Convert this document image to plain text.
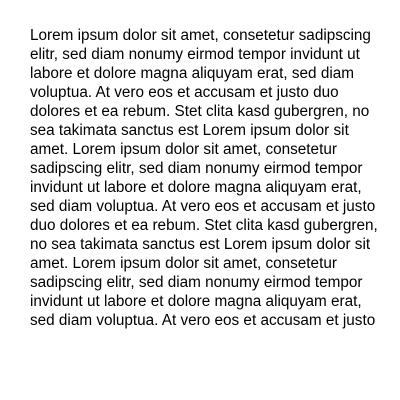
Lorem ipsum dolor sit amet, consetetur sadipscing
elitr, sed diam nonumy eirmod tempor invidunt ut
labore et dolore magna aliquyam erat, sed diam
voluptua. At vero eos et accusam et justo duo
dolores et ea rebum. Stet clita kasd gubergren, no
sea takimata sanctus est Lorem ipsum dolor sit
amet. Lorem ipsum dolor sit amet, consetetur
sadipscing elitr, sed diam nonumy eirmod tempor
invidunt ut labore et dolore magna aliquyam erat,
sed diam voluptua. At vero eos et accusam et justo
duo dolores et ea rebum. Stet clita kasd gubergren,
no sea takimata sanctus est Lorem ipsum dolor sit
amet. Lorem ipsum dolor sit amet, consetetur
sadipscing elitr, sed diam nonumy eirmod tempor
invidunt ut labore et dolore magna aliquyam erat,
sed diam voluptua. At vero eos et accusam et justo
